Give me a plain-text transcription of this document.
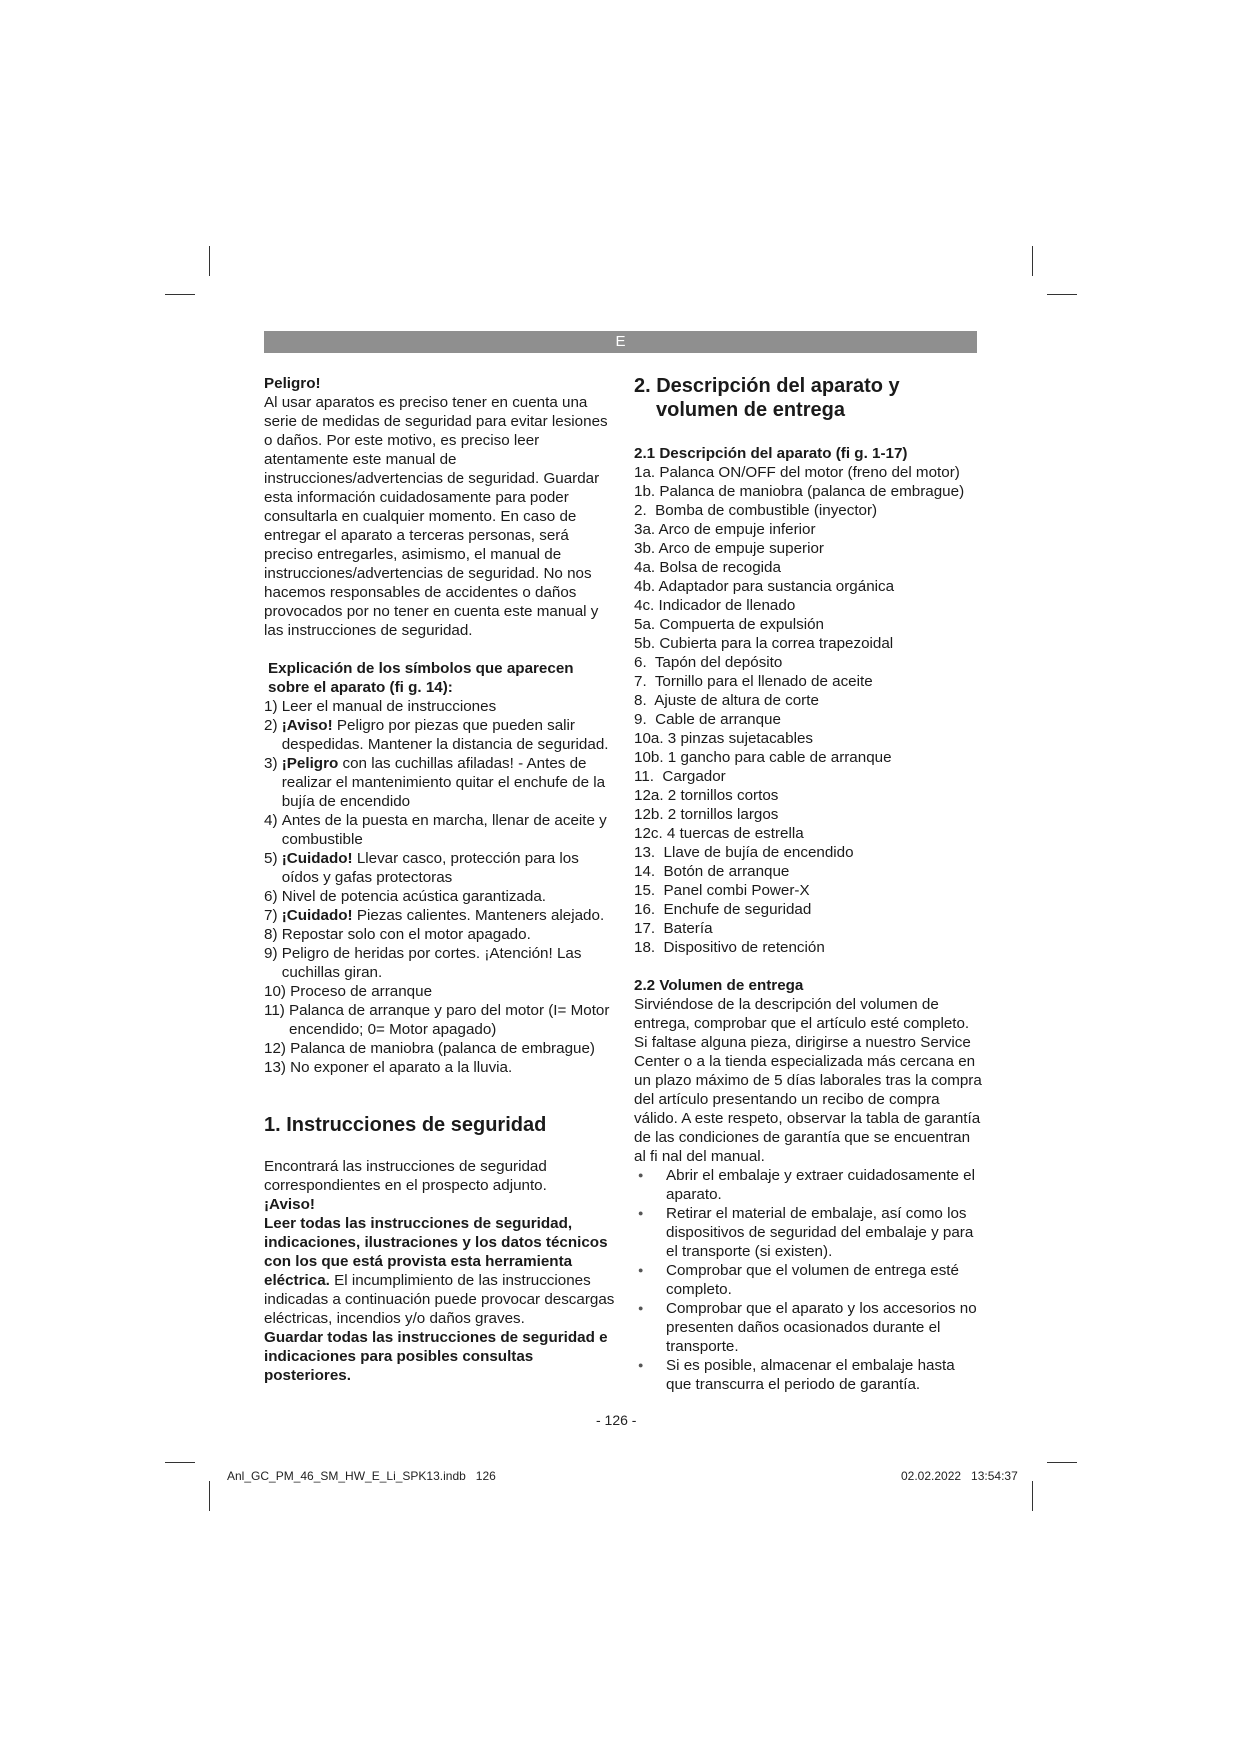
E

Peligro!

Al usar aparatos es preciso tener en cuenta una serie de medidas de seguridad para evitar lesiones o daños. Por este motivo, es preciso leer atentamente este manual de instrucciones/advertencias de seguridad. Guardar esta información cuidadosamente para poder consultarla en cualquier momento. En caso de entregar el aparato a terceras personas, será preciso entregarles, asimismo, el manual de instrucciones/advertencias de seguridad. No nos hacemos responsables de accidentes o daños provocados por no tener en cuenta este manual y las instrucciones de seguridad.

Explicación de los símbolos que aparecen sobre el aparato (fi g. 14):

1) Leer el manual de instrucciones
2) ¡Aviso! Peligro por piezas que pueden salir despedidas. Mantener la distancia de seguridad.
3) ¡Peligro con las cuchillas afiladas! - Antes de realizar el mantenimiento quitar el enchufe de la bujía de encendido
4) Antes de la puesta en marcha, llenar de aceite y combustible
5) ¡Cuidado! Llevar casco, protección para los oídos y gafas protectoras
6) Nivel de potencia acústica garantizada.
7) ¡Cuidado! Piezas calientes. Manteners alejado.
8) Repostar solo con el motor apagado.
9) Peligro de heridas por cortes. ¡Atención! Las cuchillas giran.
10) Proceso de arranque
11) Palanca de arranque y paro del motor (I= Motor encendido; 0= Motor apagado)
12) Palanca de maniobra (palanca de embrague)
13) No exponer el aparato a la lluvia.

1. Instrucciones de seguridad

Encontrará las instrucciones de seguridad correspondientes en el prospecto adjunto.

¡Aviso!

Leer todas las instrucciones de seguridad, indicaciones, ilustraciones y los datos técnicos con los que está provista esta herramienta eléctrica. El incumplimiento de las instrucciones indicadas a continuación puede provocar descargas eléctricas, incendios y/o daños graves.

Guardar todas las instrucciones de seguridad e indicaciones para posibles consultas posteriores.

2. Descripción del aparato y
volumen de entrega

2.1 Descripción del aparato (fi g. 1-17)

1a. Palanca ON/OFF del motor (freno del motor)
1b. Palanca de maniobra (palanca de embrague)
2.  Bomba de combustible (inyector)
3a. Arco de empuje inferior
3b. Arco de empuje superior
4a. Bolsa de recogida
4b. Adaptador para sustancia orgánica
4c. Indicador de llenado
5a. Compuerta de expulsión
5b. Cubierta para la correa trapezoidal
6.  Tapón del depósito
7.  Tornillo para el llenado de aceite
8.  Ajuste de altura de corte
9.  Cable de arranque
10a. 3 pinzas sujetacables
10b. 1 gancho para cable de arranque
11.  Cargador
12a. 2 tornillos cortos
12b. 2 tornillos largos
12c. 4 tuercas de estrella
13.  Llave de bujía de encendido
14.  Botón de arranque
15.  Panel combi Power-X
16.  Enchufe de seguridad
17.  Batería
18.  Dispositivo de retención

2.2 Volumen de entrega

Sirviéndose de la descripción del volumen de entrega, comprobar que el artículo esté completo. Si faltase alguna pieza, dirigirse a nuestro Service Center o a la tienda especializada más cercana en un plazo máximo de 5 días laborales tras la compra del artículo presentando un recibo de compra válido. A este respeto, observar la tabla de garantía de las condiciones de garantía que se encuentran al fi nal del manual.

●	Abrir el embalaje y extraer cuidadosamente el aparato.
●	Retirar el material de embalaje, así como los dispositivos de seguridad del embalaje y para el transporte (si existen).
●	Comprobar que el volumen de entrega esté completo.
●	Comprobar que el aparato y los accesorios no presenten daños ocasionados durante el transporte.
●	Si es posible, almacenar el embalaje hasta que transcurra el periodo de garantía.
- 126 -
Anl_GC_PM_46_SM_HW_E_Li_SPK13.indb   126	02.02.2022   13:54:37
